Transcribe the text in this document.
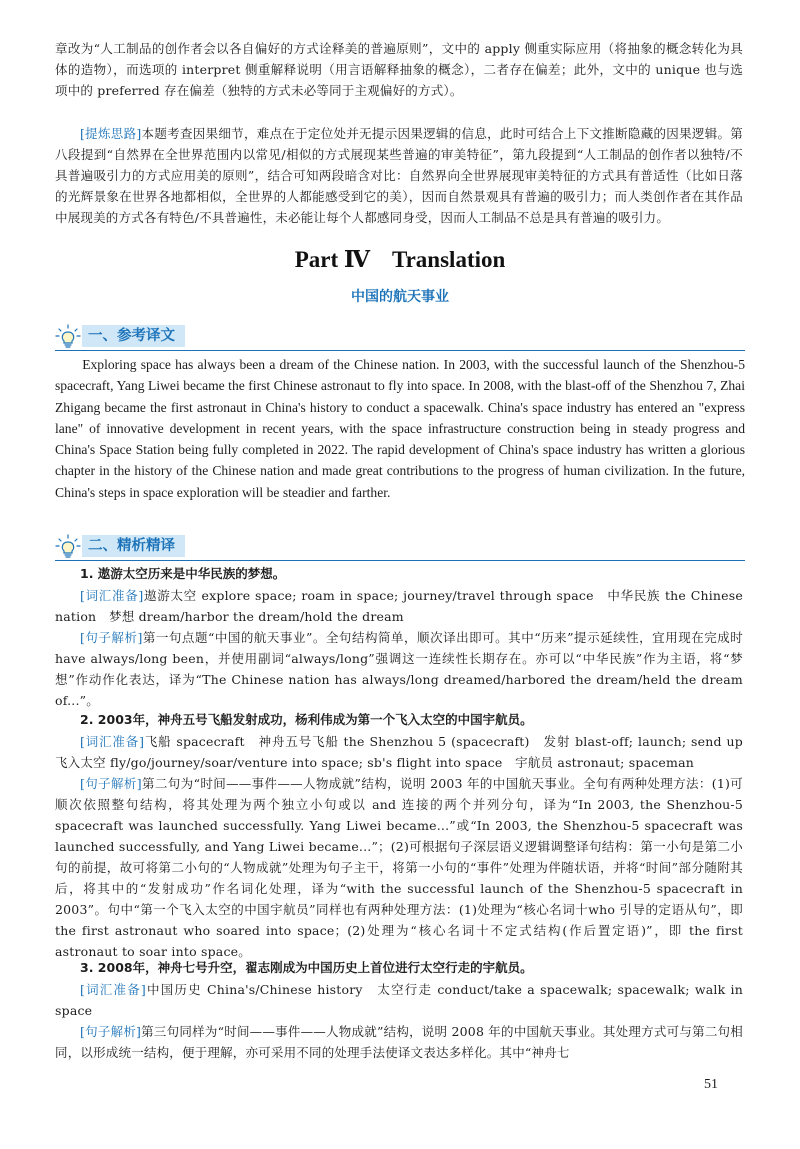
章改为“人工制品的创作者会以各自偏好的方式诠释美的普遍原则”，文中的 apply 侧重实际应用（将抽象的概念转化为具体的造物），而选项的 interpret 侧重解释说明（用言语解释抽象的概念），二者存在偏差；此外，文中的 unique 也与选项中的 preferred 存在偏差（独特的方式未必等同于主观偏好的方式）。

[提炼思路]本题考查因果细节，难点在于定位处并无提示因果逻辑的信息，此时可结合上下文推断隐藏的因果逻辑。第八段提到“自然界在全世界范围内以常见/相似的方式展现某些普遍的审美特征”，第九段提到“人工制品的创作者以独特/不具普遍吸引力的方式应用美的原则”，结合可知两段暗含对比：自然界向全世界展现审美特征的方式具有普适性（比如日落的光辉景象在世界各地都相似，全世界的人都能感受到它的美），因而自然景观具有普遍的吸引力；而人类创作者在其作品中展现美的方式各有特色/不具普遍性，未必能让每个人都感同身受，因而人工制品不总是具有普遍的吸引力。

Part Ⅳ Translation
中国的航天事业
一、参考译文

Exploring space has always been a dream of the Chinese nation. In 2003, with the successful launch of the Shenzhou-5 spacecraft, Yang Liwei became the first Chinese astronaut to fly into space. In 2008, with the blast-off of the Shenzhou 7, Zhai Zhigang became the first astronaut in China's history to conduct a spacewalk. China's space industry has entered an "express lane" of innovative development in recent years, with the space infrastructure construction being in steady progress and China's Space Station being fully completed in 2022. The rapid development of China's space industry has written a glorious chapter in the history of the Chinese nation and made great contributions to the progress of human civilization. In the future, China's steps in space exploration will be steadier and farther.

二、精析精译
1. 遨游太空历来是中华民族的梦想。

[词汇准备]遨游太空 explore space; roam in space; journey/travel through space　中华民族 the Chinese nation　梦想 dream/harbor the dream/hold the dream

[句子解析]第一句点题“中国的航天事业”。全句结构简单，顺次译出即可。其中“历来”提示延续性，宜用现在完成时 have always/long been，并使用副词“always/long”强调这一连续性长期存在。亦可以“中华民族”作为主语，将“梦想”作动作化表达，译为“The Chinese nation has always/long dreamed/harbored the dream/held the dream of...”。

2. 2003年，神舟五号飞船发射成功，杨利伟成为第一个飞入太空的中国宇航员。

[词汇准备]飞船 spacecraft　神舟五号飞船 the Shenzhou 5 (spacecraft)　发射 blast-off; launch; send up　飞入太空 fly/go/journey/soar/venture into space; sb's flight into space　宇航员 astronaut; spaceman

[句子解析]第二句为“时间——事件——人物成就”结构，说明 2003 年的中国航天事业。全句有两种处理方法：(1)可顺次依照整句结构，将其处理为两个独立小句或以 and 连接的两个并列分句，译为“In 2003, the Shenzhou-5 spacecraft was launched successfully. Yang Liwei became...”或“In 2003, the Shenzhou-5 spacecraft was launched successfully, and Yang Liwei became...”；(2)可根据句子深层语义逻辑调整译句结构：第一小句是第二小句的前提，故可将第二小句的“人物成就”处理为句子主干，将第一小句的“事件”处理为伴随状语，并将“时间”部分随附其后，将其中的“发射成功”作名词化处理，译为“with the successful launch of the Shenzhou-5 spacecraft in 2003”。句中“第一个飞入太空的中国宇航员”同样也有两种处理方法：(1)处理为“核心名词十who 引导的定语从句”，即 the first astronaut who soared into space；(2)处理为“核心名词十不定式结构(作后置定语)”，即 the first astronaut to soar into space。

3. 2008年，神舟七号升空，翟志刚成为中国历史上首位进行太空行走的宇航员。

[词汇准备]中国历史 China's/Chinese history　太空行走 conduct/take a spacewalk; spacewalk; walk in space

[句子解析]第三句同样为“时间——事件——人物成就”结构，说明 2008 年的中国航天事业。其处理方式可与第二句相同，以形成统一结构，便于理解，亦可采用不同的处理手法使译文表达多样化。其中“神舟七

51
